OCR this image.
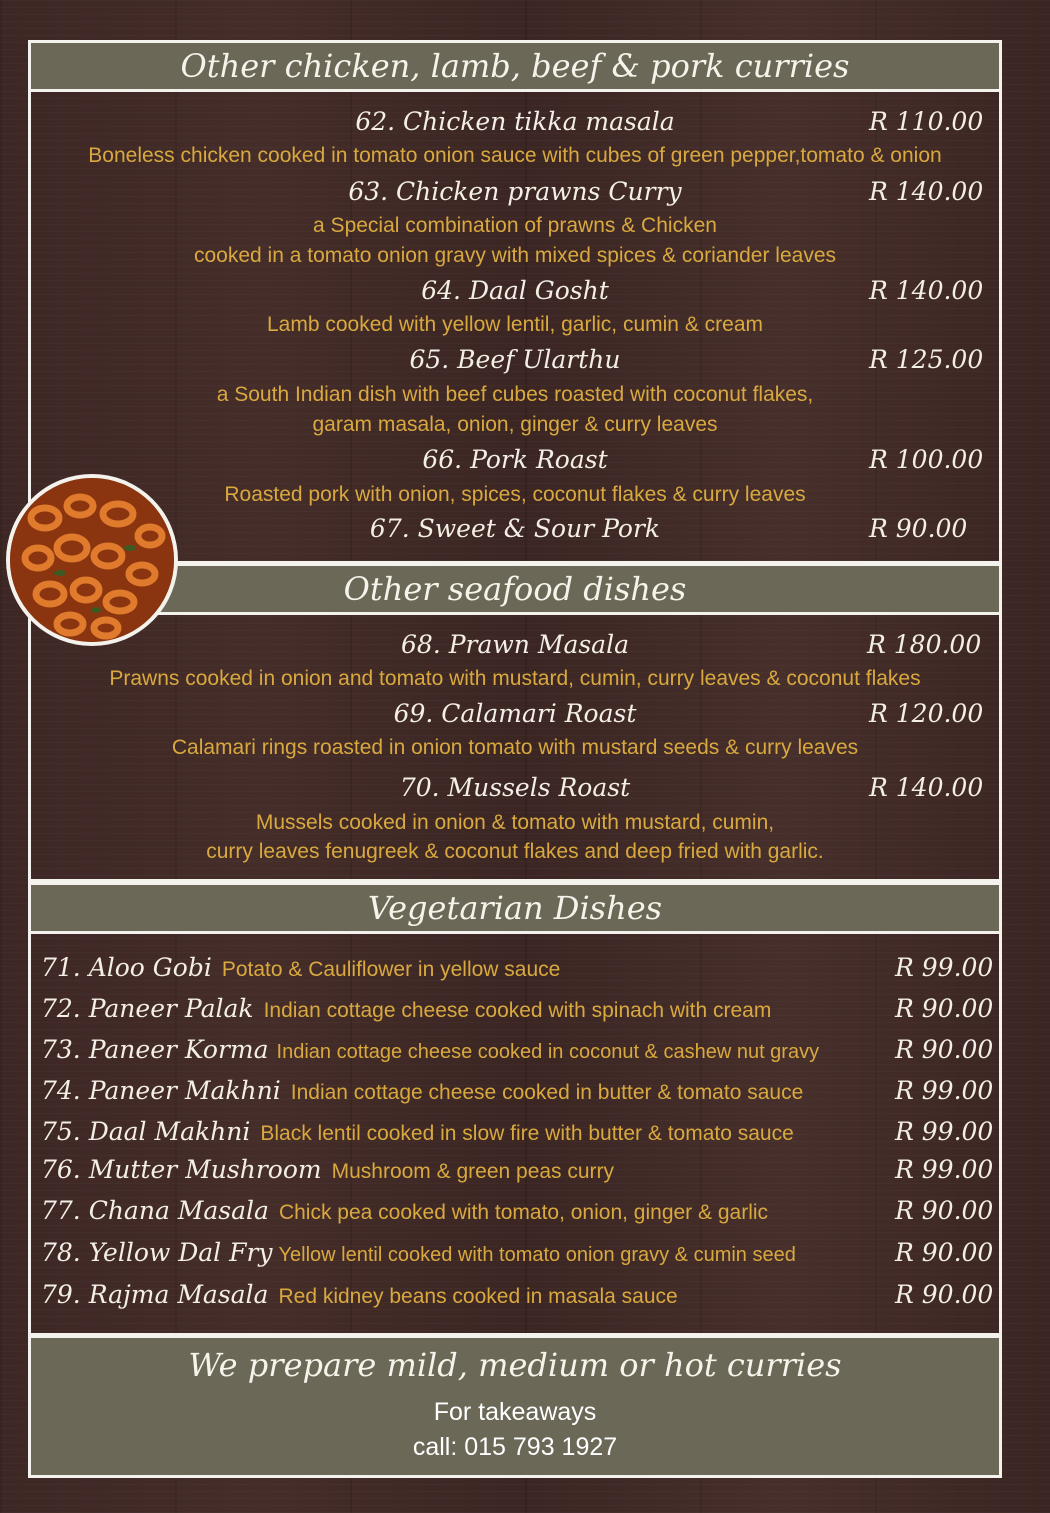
Other chicken, lamb, beef & pork curries
62. Chicken tikka masala	R 110.00
Boneless chicken cooked in tomato onion sauce with cubes of green pepper,tomato & onion
63. Chicken prawns Curry	R 140.00
a Special combination of prawns & Chicken
cooked in a tomato onion gravy with mixed spices & coriander leaves
64. Daal Gosht	R 140.00
Lamb cooked with yellow lentil, garlic, cumin & cream
65. Beef Ularthu	R 125.00
a South Indian dish with beef cubes roasted with coconut flakes,
garam masala, onion, ginger & curry leaves
66. Pork Roast	R 100.00
Roasted pork with onion, spices, coconut flakes & curry leaves
67. Sweet & Sour Pork	R 90.00
Other seafood dishes
68. Prawn Masala	R 180.00
Prawns cooked in onion and tomato with mustard, cumin, curry leaves & coconut flakes
69. Calamari Roast	R 120.00
Calamari rings roasted in onion tomato with mustard seeds & curry leaves
70. Mussels Roast	R 140.00
Mussels cooked in onion & tomato with mustard, cumin,
curry leaves fenugreek & coconut flakes and deep fried with garlic.
Vegetarian Dishes
71. Aloo Gobi Potato & Cauliflower in yellow sauce	R 99.00
72. Paneer Palak Indian cottage cheese cooked with spinach with cream	R 90.00
73. Paneer Korma Indian cottage cheese cooked in coconut & cashew nut gravy	R 90.00
74. Paneer Makhni Indian cottage cheese cooked in butter & tomato sauce	R 99.00
75. Daal Makhni Black lentil cooked in slow fire with butter & tomato sauce	R 99.00
76. Mutter Mushroom Mushroom & green peas curry	R 99.00
77. Chana Masala Chick pea cooked with tomato, onion, ginger & garlic	R 90.00
78. Yellow Dal Fry Yellow lentil cooked with tomato onion gravy & cumin seed	R 90.00
79. Rajma Masala Red kidney beans cooked in masala sauce	R 90.00
We prepare mild, medium or hot curries
For takeaways
call: 015 793 1927
